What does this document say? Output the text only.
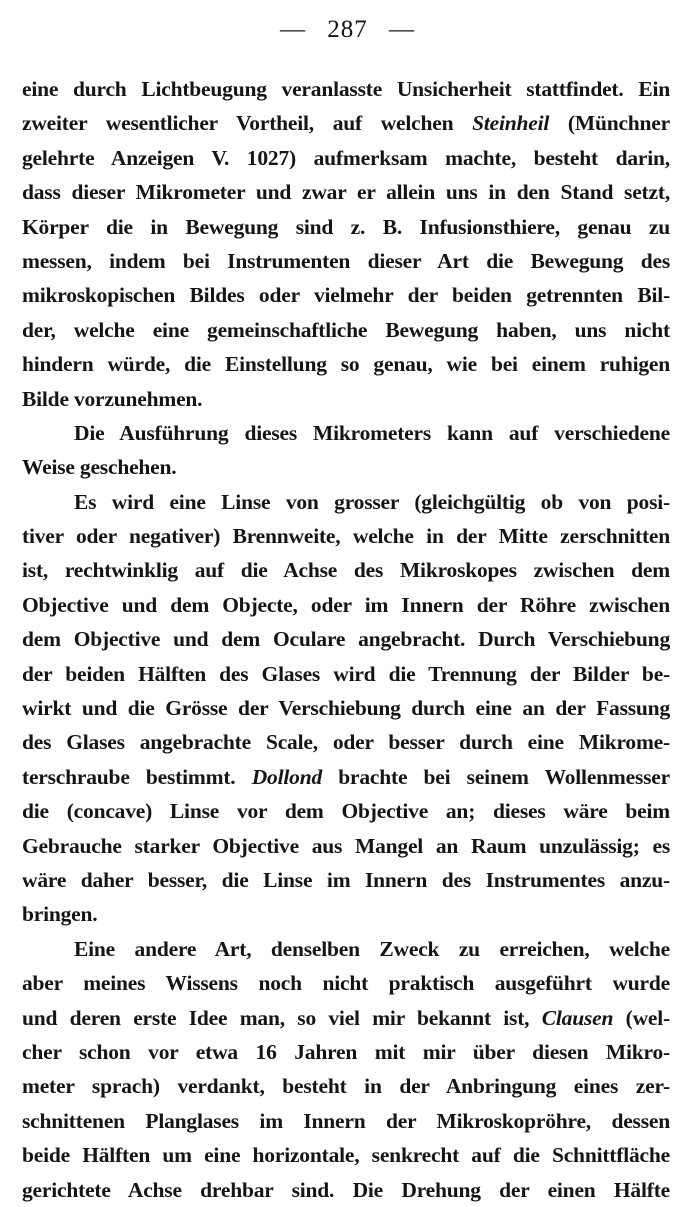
— 287 —
eine durch Lichtbeugung veranlasste Unsicherheit stattfindet. Ein
zweiter wesentlicher Vortheil, auf welchen Steinheil (Münchner
gelehrte Anzeigen V. 1027) aufmerksam machte, besteht darin,
dass dieser Mikrometer und zwar er allein uns in den Stand setzt,
Körper die in Bewegung sind z. B. Infusionsthiere, genau zu
messen, indem bei Instrumenten dieser Art die Bewegung des
mikroskopischen Bildes oder vielmehr der beiden getrennten Bil-
der, welche eine gemeinschaftliche Bewegung haben, uns nicht
hindern würde, die Einstellung so genau, wie bei einem ruhigen
Bilde vorzunehmen.
Die Ausführung dieses Mikrometers kann auf verschiedene
Weise geschehen.
Es wird eine Linse von grosser (gleichgültig ob von posi-
tiver oder negativer) Brennweite, welche in der Mitte zerschnitten
ist, rechtwinklig auf die Achse des Mikroskopes zwischen dem
Objective und dem Objecte, oder im Innern der Röhre zwischen
dem Objective und dem Oculare angebracht. Durch Verschiebung
der beiden Hälften des Glases wird die Trennung der Bilder be-
wirkt und die Grösse der Verschiebung durch eine an der Fassung
des Glases angebrachte Scale, oder besser durch eine Mikrome-
terschraube bestimmt. Dollond brachte bei seinem Wollenmesser
die (concave) Linse vor dem Objective an; dieses wäre beim
Gebrauche starker Objective aus Mangel an Raum unzulässig; es
wäre daher besser, die Linse im Innern des Instrumentes anzu-
bringen.
Eine andere Art, denselben Zweck zu erreichen, welche
aber meines Wissens noch nicht praktisch ausgeführt wurde
und deren erste Idee man, so viel mir bekannt ist, Clausen (wel-
cher schon vor etwa 16 Jahren mit mir über diesen Mikro-
meter sprach) verdankt, besteht in der Anbringung eines zer-
schnittenen Planglases im Innern der Mikroskopröhre, dessen
beide Hälften um eine horizontale, senkrecht auf die Schnittfläche
gerichtete Achse drehbar sind. Die Drehung der einen Hälfte
